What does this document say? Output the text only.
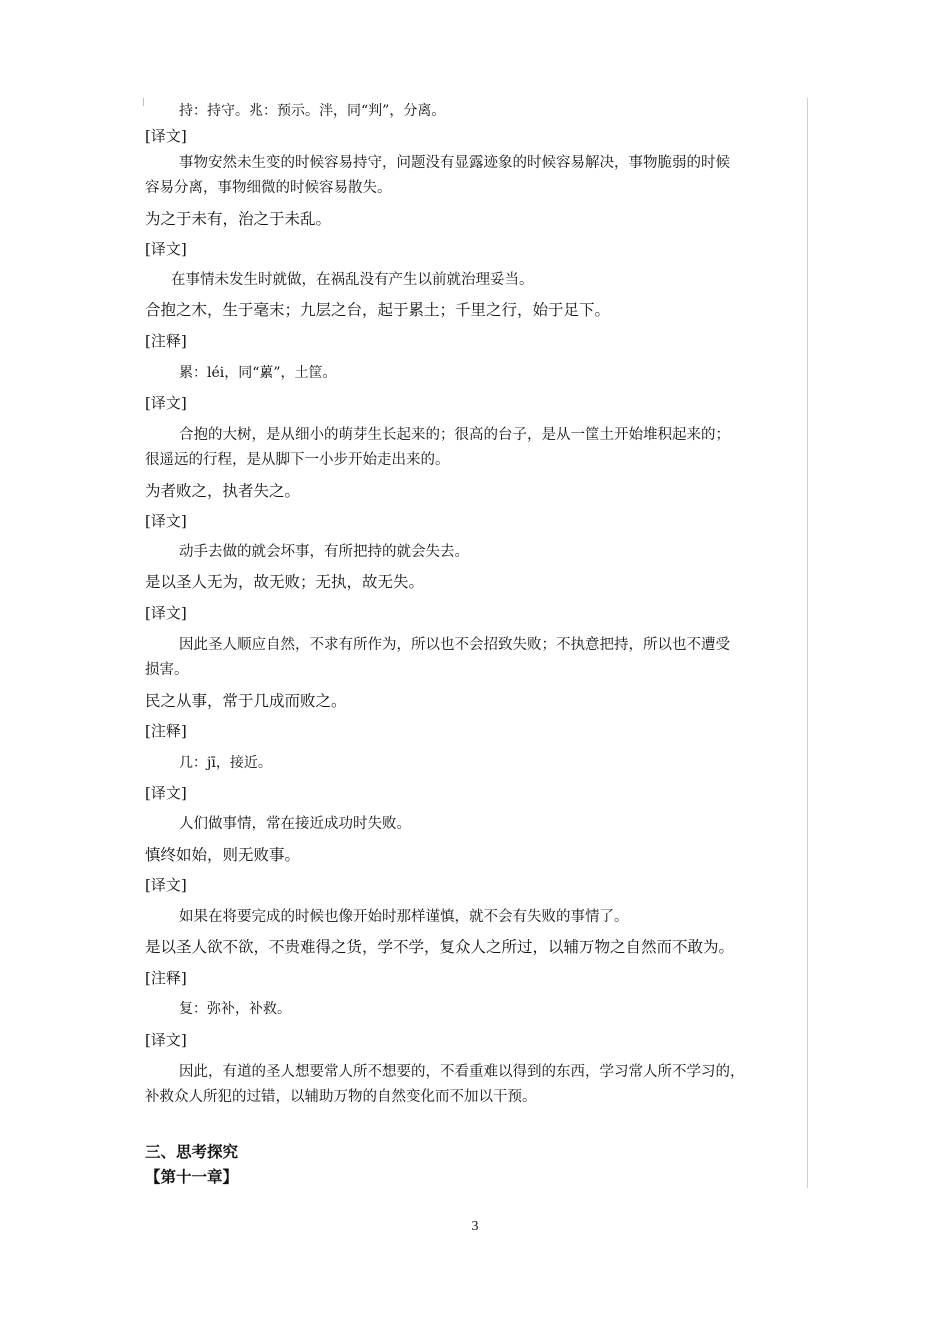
持：持守。兆：预示。泮，同“判”，分离。
[译文]
事物安然未生变的时候容易持守，问题没有显露迹象的时候容易解决，事物脆弱的时候
容易分离，事物细微的时候容易散失。
为之于未有，治之于未乱。
[译文]
在事情未发生时就做，在祸乱没有产生以前就治理妥当。
合抱之木，生于毫末；九层之台，起于累土；千里之行，始于足下。
[注释]
累：léi，同“蔂”，土筐。
[译文]
合抱的大树，是从细小的萌芽生长起来的；很高的台子，是从一筐土开始堆积起来的；
很遥远的行程，是从脚下一小步开始走出来的。
为者败之，执者失之。
[译文]
动手去做的就会坏事，有所把持的就会失去。
是以圣人无为，故无败；无执，故无失。
[译文]
因此圣人顺应自然，不求有所作为，所以也不会招致失败；不执意把持，所以也不遭受
损害。
民之从事，常于几成而败之。
[注释]
几：jī，接近。
[译文]
人们做事情，常在接近成功时失败。
慎终如始，则无败事。
[译文]
如果在将要完成的时候也像开始时那样谨慎，就不会有失败的事情了。
是以圣人欲不欲，不贵难得之货，学不学，复众人之所过，以辅万物之自然而不敢为。
[注释]
复：弥补，补救。
[译文]
因此，有道的圣人想要常人所不想要的，不看重难以得到的东西，学习常人所不学习的，
补救众人所犯的过错，以辅助万物的自然变化而不加以干预。
三、思考探究
【第十一章】
3
